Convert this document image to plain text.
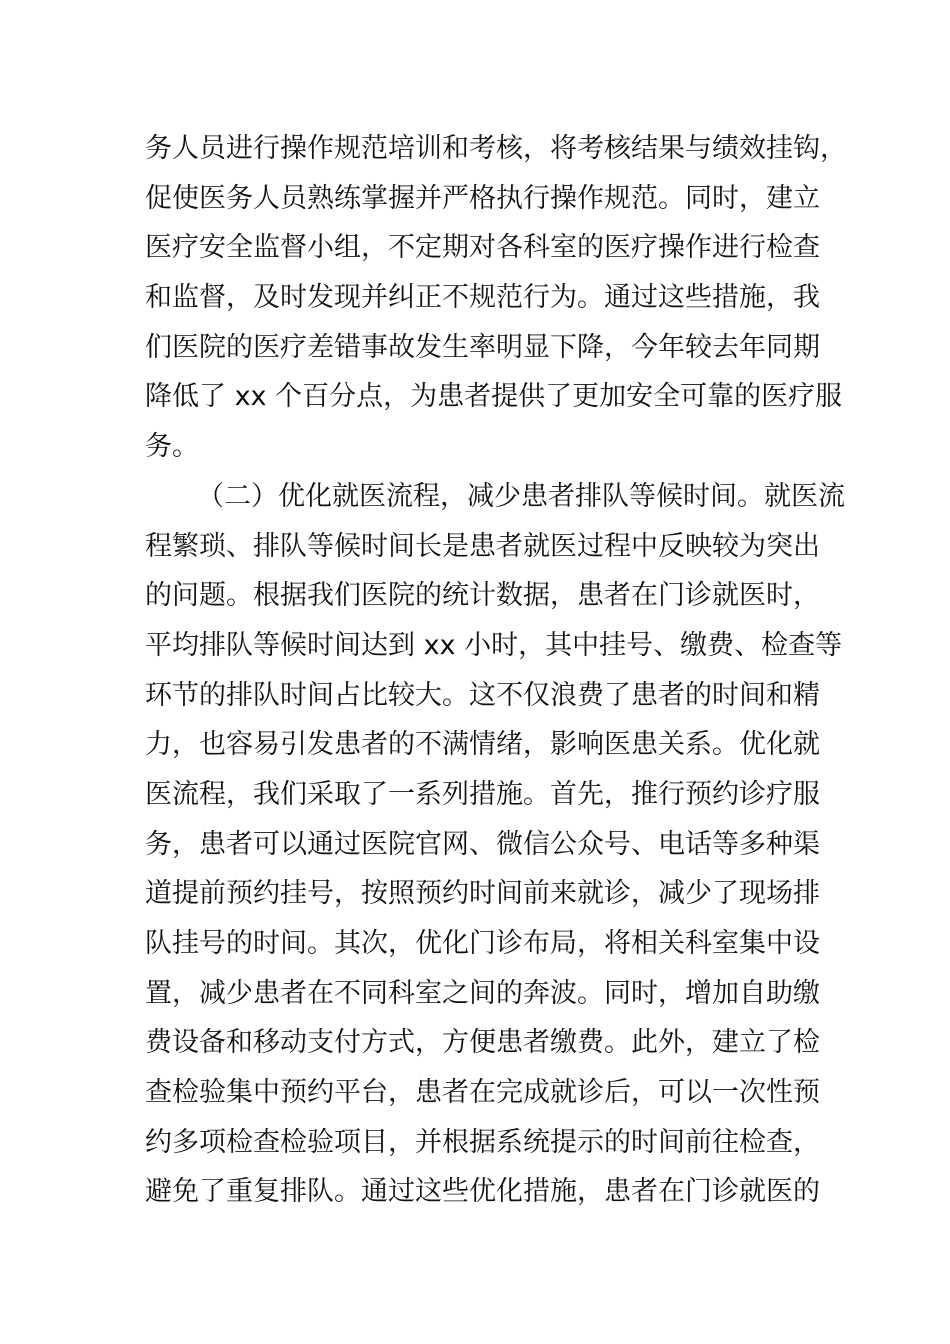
务人员进行操作规范培训和考核，将考核结果与绩效挂钩，
促使医务人员熟练掌握并严格执行操作规范。同时，建立
医疗安全监督小组，不定期对各科室的医疗操作进行检查
和监督，及时发现并纠正不规范行为。通过这些措施，我
们医院的医疗差错事故发生率明显下降，今年较去年同期
降低了 xx 个百分点，为患者提供了更加安全可靠的医疗服
务。
（二）优化就医流程，减少患者排队等候时间。就医流
程繁琐、排队等候时间长是患者就医过程中反映较为突出
的问题。根据我们医院的统计数据，患者在门诊就医时，
平均排队等候时间达到 xx 小时，其中挂号、缴费、检查等
环节的排队时间占比较大。这不仅浪费了患者的时间和精
力，也容易引发患者的不满情绪，影响医患关系。优化就
医流程，我们采取了一系列措施。首先，推行预约诊疗服
务，患者可以通过医院官网、微信公众号、电话等多种渠
道提前预约挂号，按照预约时间前来就诊，减少了现场排
队挂号的时间。其次，优化门诊布局，将相关科室集中设
置，减少患者在不同科室之间的奔波。同时，增加自助缴
费设备和移动支付方式，方便患者缴费。此外，建立了检
查检验集中预约平台，患者在完成就诊后，可以一次性预
约多项检查检验项目，并根据系统提示的时间前往检查，
避免了重复排队。通过这些优化措施，患者在门诊就医的
